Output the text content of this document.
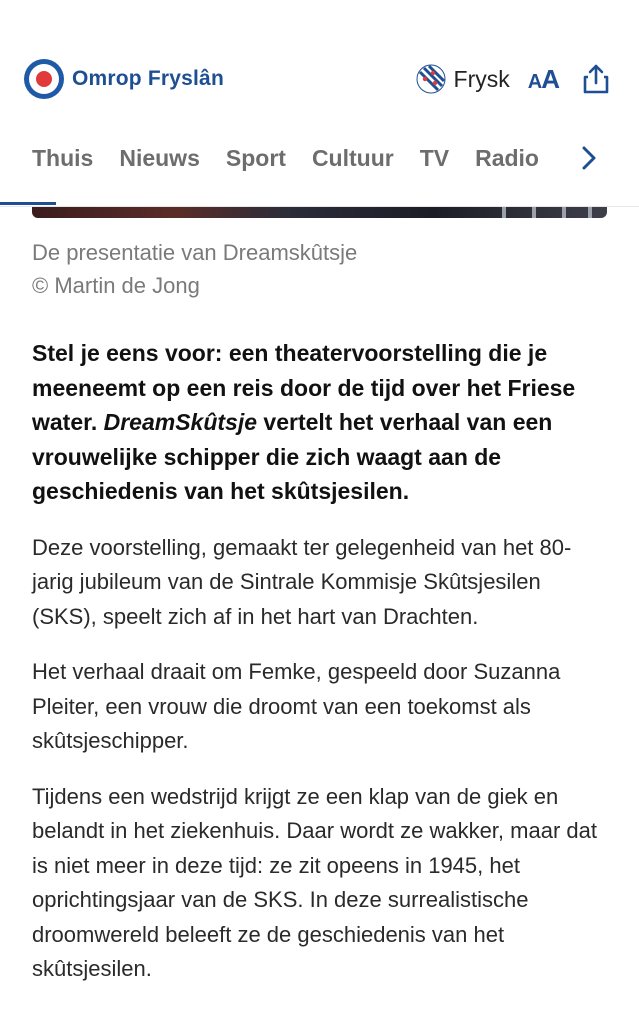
Omrop Fryslân	Frysk AA
Thuis Nieuws Sport Cultuur TV Radio
De presentatie van Dreamskûtsje
© Martin de Jong

Stel je eens voor: een theatervoorstelling die je meeneemt op een reis door de tijd over het Friese water. DreamSkûtsje vertelt het verhaal van een vrouwelijke schipper die zich waagt aan de geschiedenis van het skûtsjesilen.

Deze voorstelling, gemaakt ter gelegenheid van het 80-jarig jubileum van de Sintrale Kommisje Skûtsjesilen (SKS), speelt zich af in het hart van Drachten.

Het verhaal draait om Femke, gespeeld door Suzanna Pleiter, een vrouw die droomt van een toekomst als skûtsjeschipper.

Tijdens een wedstrijd krijgt ze een klap van de giek en belandt in het ziekenhuis. Daar wordt ze wakker, maar dat is niet meer in deze tijd: ze zit opeens in 1945, het oprichtingsjaar van de SKS. In deze surrealistische droomwereld beleeft ze de geschiedenis van het skûtsjesilen.
